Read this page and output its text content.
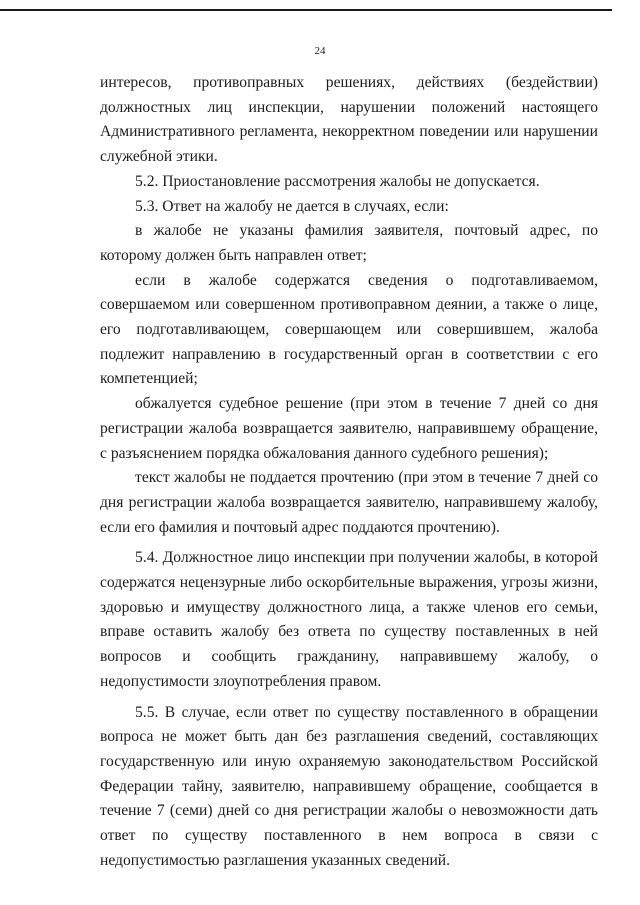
24

интересов, противоправных решениях, действиях (бездействии) должностных лиц инспекции, нарушении положений настоящего Административного регламента, некорректном поведении или нарушении служебной этики.

5.2. Приостановление рассмотрения жалобы не допускается.

5.3. Ответ на жалобу не дается в случаях, если:

в жалобе не указаны фамилия заявителя, почтовый адрес, по которому должен быть направлен ответ;

если в жалобе содержатся сведения о подготавливаемом, совершаемом или совершенном противоправном деянии, а также о лице, его подготавливающем, совершающем или совершившем, жалоба подлежит направлению в государственный орган в соответствии с его компетенцией;

обжалуется судебное решение (при этом в течение 7 дней со дня регистрации жалоба возвращается заявителю, направившему обращение, с разъяснением порядка обжалования данного судебного решения);

текст жалобы не поддается прочтению (при этом в течение 7 дней со дня регистрации жалоба возвращается заявителю, направившему жалобу, если его фамилия и почтовый адрес поддаются прочтению).

5.4. Должностное лицо инспекции при получении жалобы, в которой содержатся нецензурные либо оскорбительные выражения, угрозы жизни, здоровью и имуществу должностного лица, а также членов его семьи, вправе оставить жалобу без ответа по существу поставленных в ней вопросов и сообщить гражданину, направившему жалобу, о недопустимости злоупотребления правом.

5.5. В случае, если ответ по существу поставленного в обращении вопроса не может быть дан без разглашения сведений, составляющих государственную или иную охраняемую законодательством Российской Федерации тайну, заявителю, направившему обращение, сообщается в течение 7 (семи) дней со дня регистрации жалобы о невозможности дать ответ по существу поставленного в нем вопроса в связи с недопустимостью разглашения указанных сведений.
